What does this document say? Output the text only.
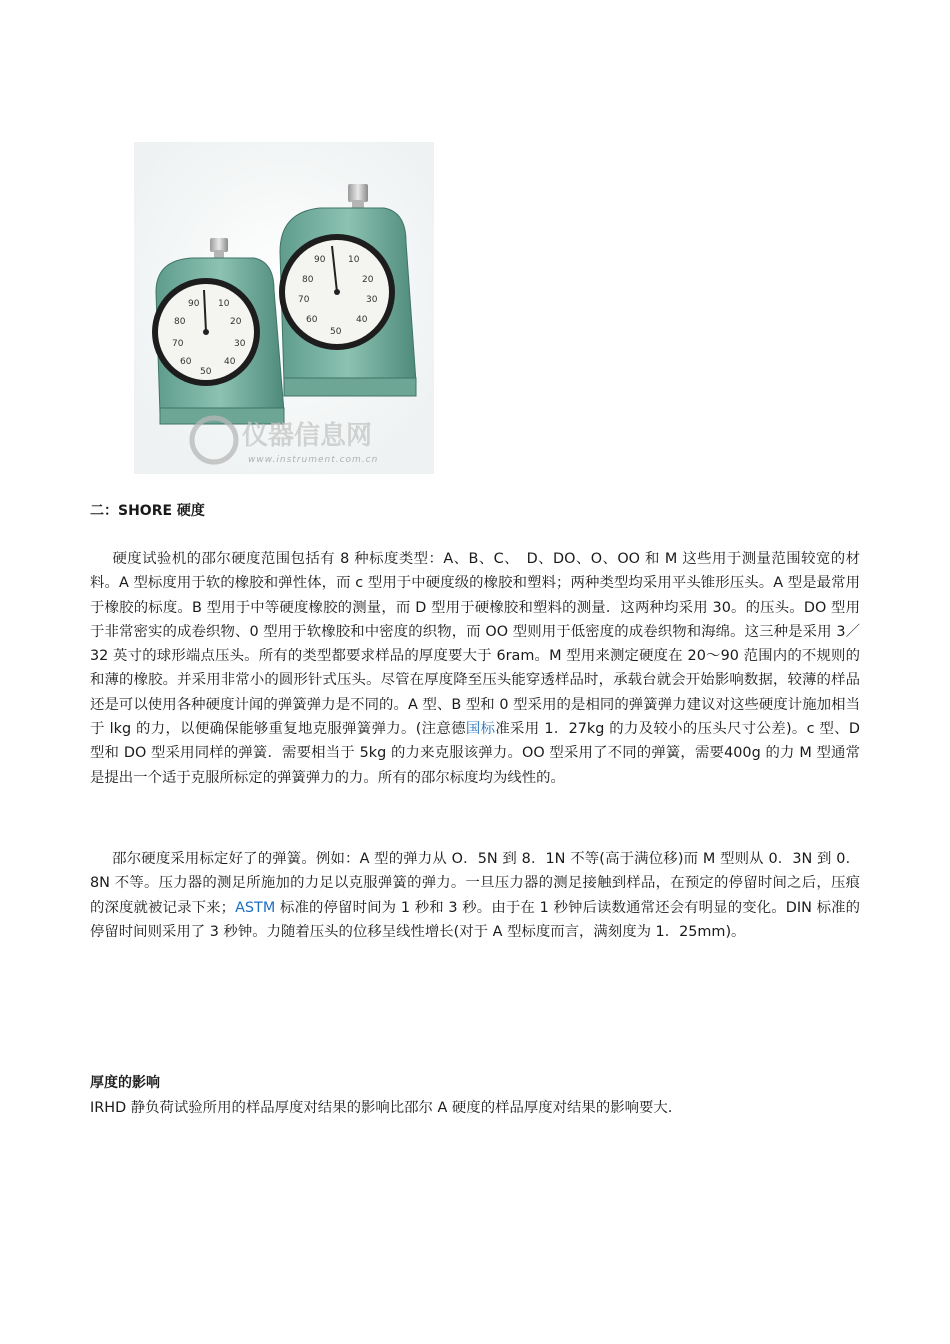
90 10
80	20
70	30
60	40
50
90	10
80	20
70	30
60	40
50
仪器信息网
www.instrument.com.cn
二：SHORE 硬度
硬度试验机的邵尔硬度范围包括有 8 种标度类型：A、B、C、　D、DO、O、OO 和 M 这些用于测量范围较宽的材料。A 型标度用于软的橡胶和弹性体，而 c 型用于中硬度级的橡胶和塑料；两种类型均采用平头锥形压头。A 型是最常用于橡胶的标度。B 型用于中等硬度橡胶的测量，而 D 型用于硬橡胶和塑料的测量．这两种均采用 30。的压头。DO 型用于非常密实的成卷织物、0 型用于软橡胶和中密度的织物，而 OO 型则用于低密度的成卷织物和海绵。这三种是采用 3／32 英寸的球形端点压头。所有的类型都要求样品的厚度要大于 6ram。M 型用来测定硬度在 20～90 范围内的不规则的和薄的橡胶。并采用非常小的圆形针式压头。尽管在厚度降至压头能穿透样品时，承载台就会开始影响数据，较薄的样品还是可以使用各种硬度计闻的弹簧弹力是不同的。A 型、B 型和 0 型采用的是相同的弹簧弹力建议对这些硬度计施加相当于 lkg 的力，以便确保能够重复地克服弹簧弹力。(注意德国标准采用 1．27kg 的力及较小的压头尺寸公差)。c 型、D 型和 DO 型采用同样的弹簧．需要相当于 5kg 的力来克服该弹力。OO 型采用了不同的弹簧，需要400g 的力 M 型通常是提出一个适于克服所标定的弹簧弹力的力。所有的邵尔标度均为线性的。
邵尔硬度采用标定好了的弹簧。例如：A 型的弹力从 O．5N 到 8．1N 不等(高于满位移)而 M 型则从 0．3N 到 0．8N 不等。压力器的测足所施加的力足以克服弹簧的弹力。一旦压力器的测足接触到样品，在预定的停留时间之后，压痕的深度就被记录下来；ASTM 标准的停留时间为 1 秒和 3 秒。由于在 1 秒钟后读数通常还会有明显的变化。DIN 标准的停留时间则采用了 3 秒钟。力随着压头的位移呈线性增长(对于 A 型标度而言，满刻度为 1．25mm)。
厚度的影响
IRHD 静负荷试验所用的样品厚度对结果的影响比邵尔 A 硬度的样品厚度对结果的影响要大.
